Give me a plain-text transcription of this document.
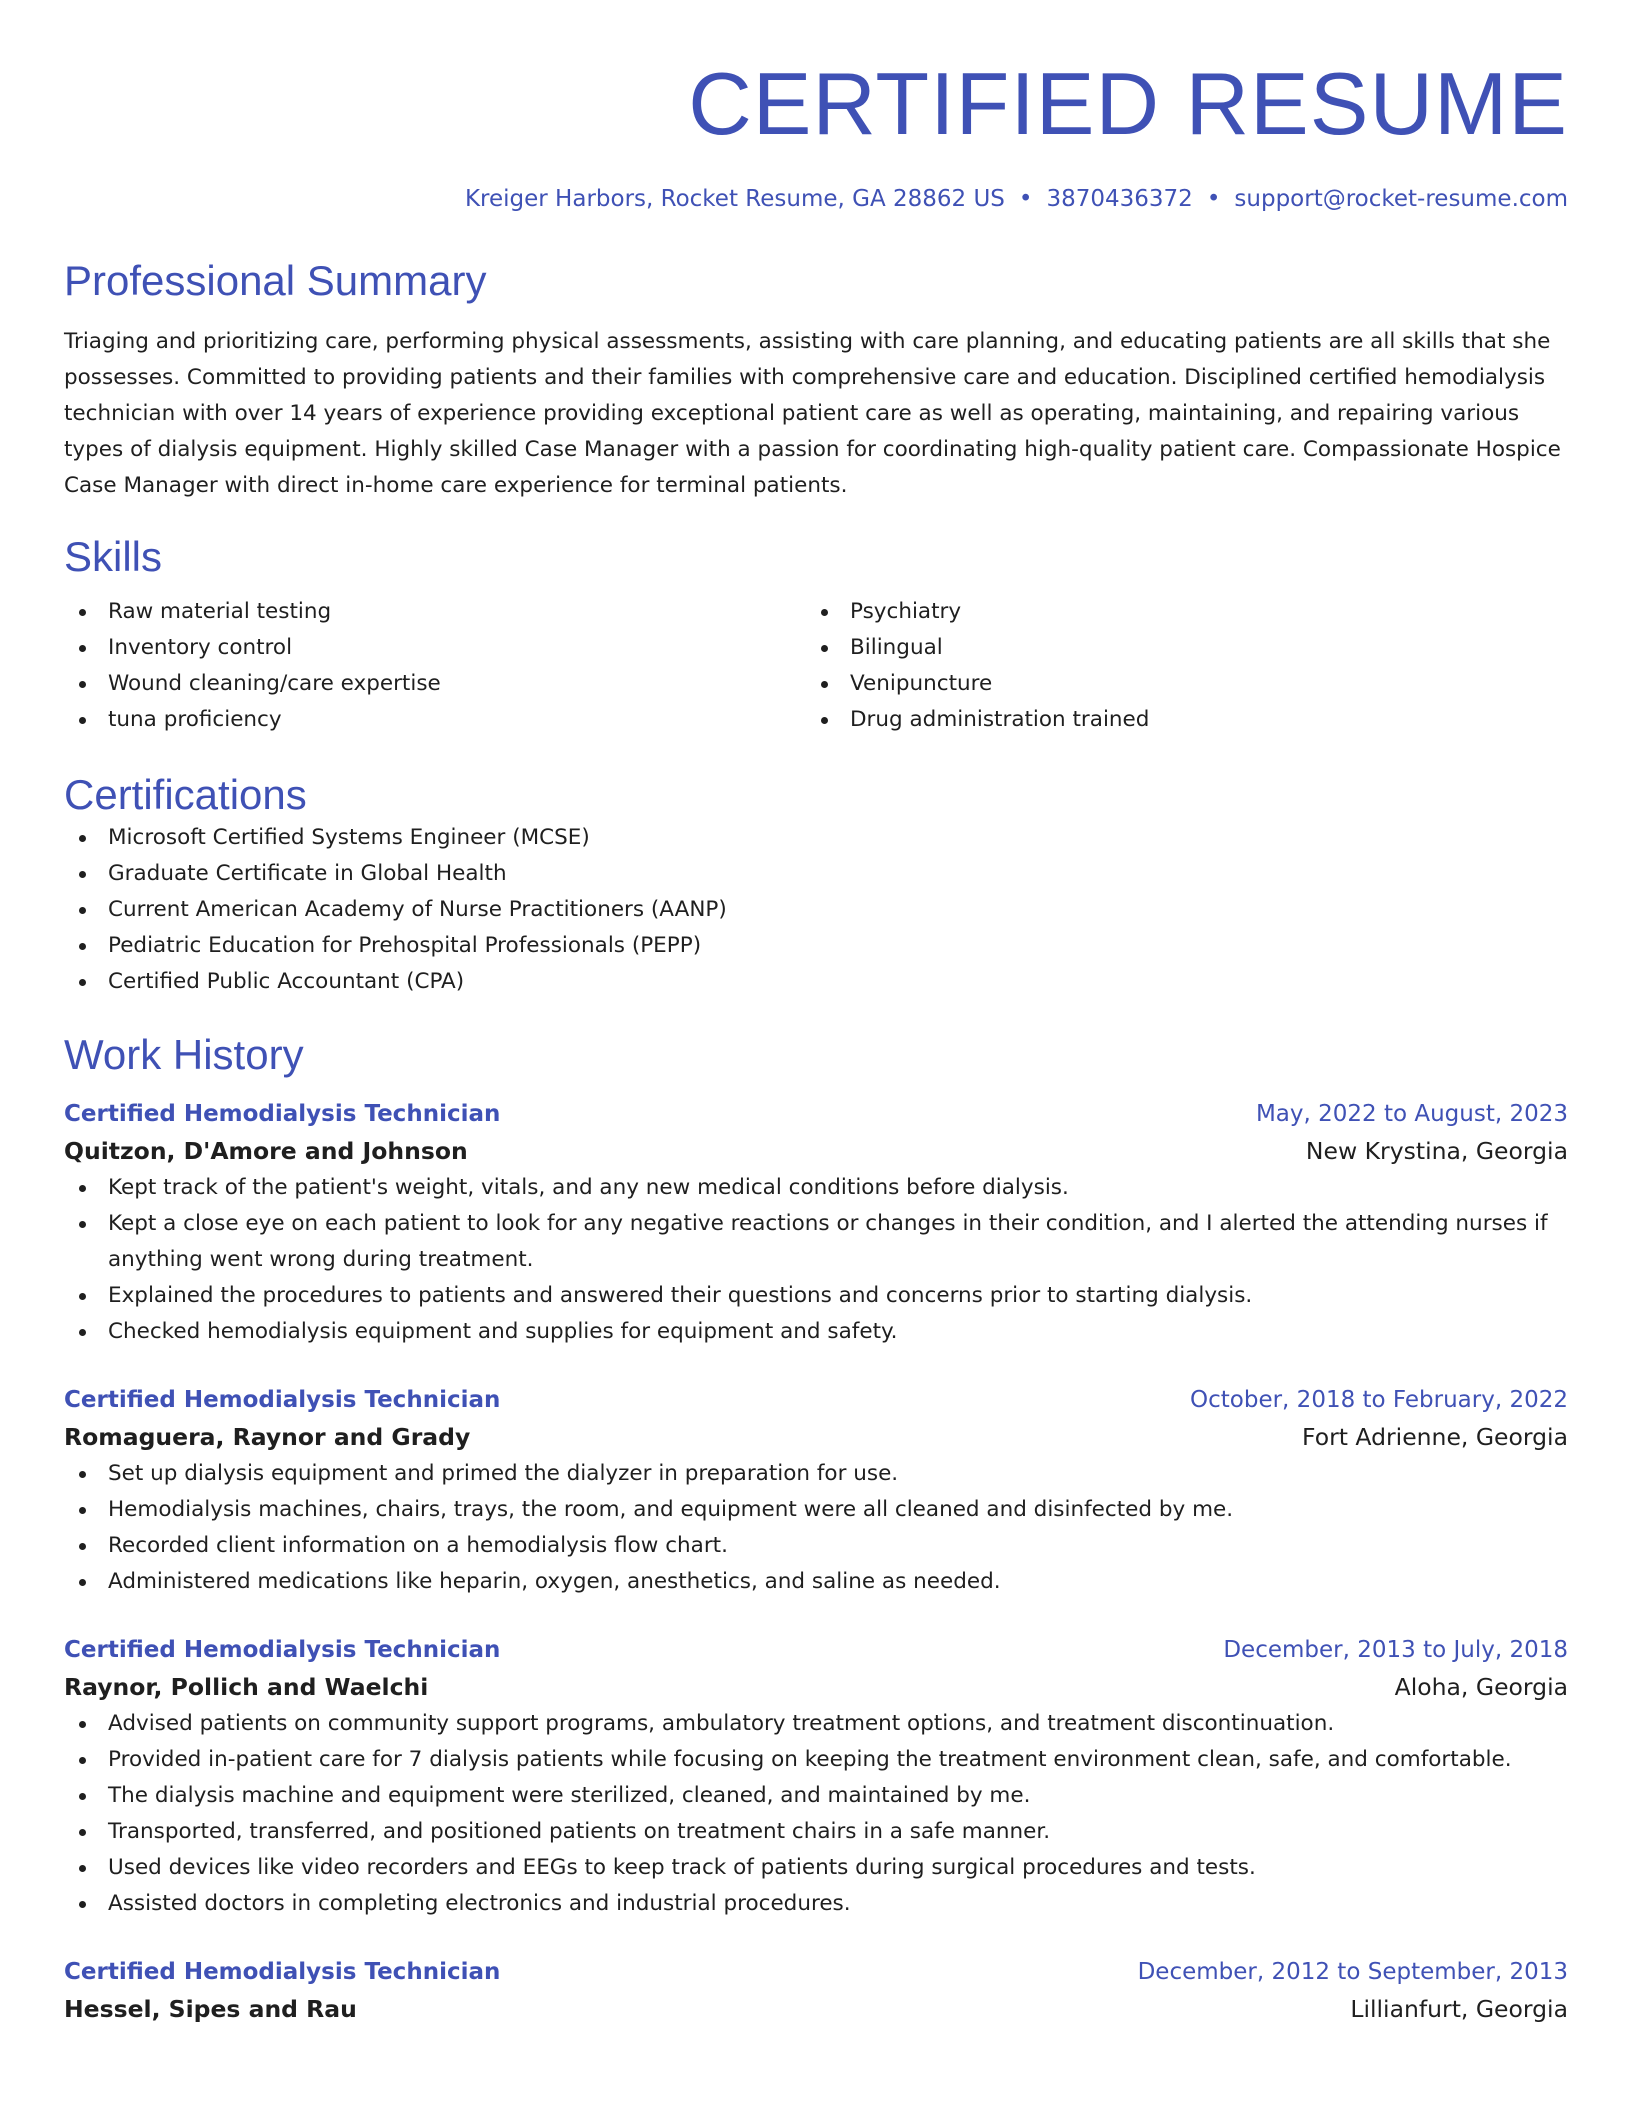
CERTIFIED RESUME
Kreiger Harbors, Rocket Resume, GA 28862 US • 3870436372 • support@rocket-resume.com
Professional Summary
Triaging and prioritizing care, performing physical assessments, assisting with care planning, and educating patients are all skills that she possesses. Committed to providing patients and their families with comprehensive care and education. Disciplined certified hemodialysis technician with over 14 years of experience providing exceptional patient care as well as operating, maintaining, and repairing various types of dialysis equipment. Highly skilled Case Manager with a passion for coordinating high-quality patient care. Compassionate Hospice Case Manager with direct in-home care experience for terminal patients.
Skills
Raw material testing
Inventory control
Wound cleaning/care expertise
tuna proficiency
Psychiatry
Bilingual
Venipuncture
Drug administration trained
Certifications
Microsoft Certified Systems Engineer (MCSE)
Graduate Certificate in Global Health
Current American Academy of Nurse Practitioners (AANP)
Pediatric Education for Prehospital Professionals (PEPP)
Certified Public Accountant (CPA)
Work History
Certified Hemodialysis Technician	May, 2022 to August, 2023
Quitzon, D'Amore and Johnson	New Krystina, Georgia
Kept track of the patient's weight, vitals, and any new medical conditions before dialysis.
Kept a close eye on each patient to look for any negative reactions or changes in their condition, and I alerted the attending nurses if anything went wrong during treatment.
Explained the procedures to patients and answered their questions and concerns prior to starting dialysis.
Checked hemodialysis equipment and supplies for equipment and safety.
Certified Hemodialysis Technician	October, 2018 to February, 2022
Romaguera, Raynor and Grady	Fort Adrienne, Georgia
Set up dialysis equipment and primed the dialyzer in preparation for use.
Hemodialysis machines, chairs, trays, the room, and equipment were all cleaned and disinfected by me.
Recorded client information on a hemodialysis flow chart.
Administered medications like heparin, oxygen, anesthetics, and saline as needed.
Certified Hemodialysis Technician	December, 2013 to July, 2018
Raynor, Pollich and Waelchi	Aloha, Georgia
Advised patients on community support programs, ambulatory treatment options, and treatment discontinuation.
Provided in-patient care for 7 dialysis patients while focusing on keeping the treatment environment clean, safe, and comfortable.
The dialysis machine and equipment were sterilized, cleaned, and maintained by me.
Transported, transferred, and positioned patients on treatment chairs in a safe manner.
Used devices like video recorders and EEGs to keep track of patients during surgical procedures and tests.
Assisted doctors in completing electronics and industrial procedures.
Certified Hemodialysis Technician	December, 2012 to September, 2013
Hessel, Sipes and Rau	Lillianfurt, Georgia
